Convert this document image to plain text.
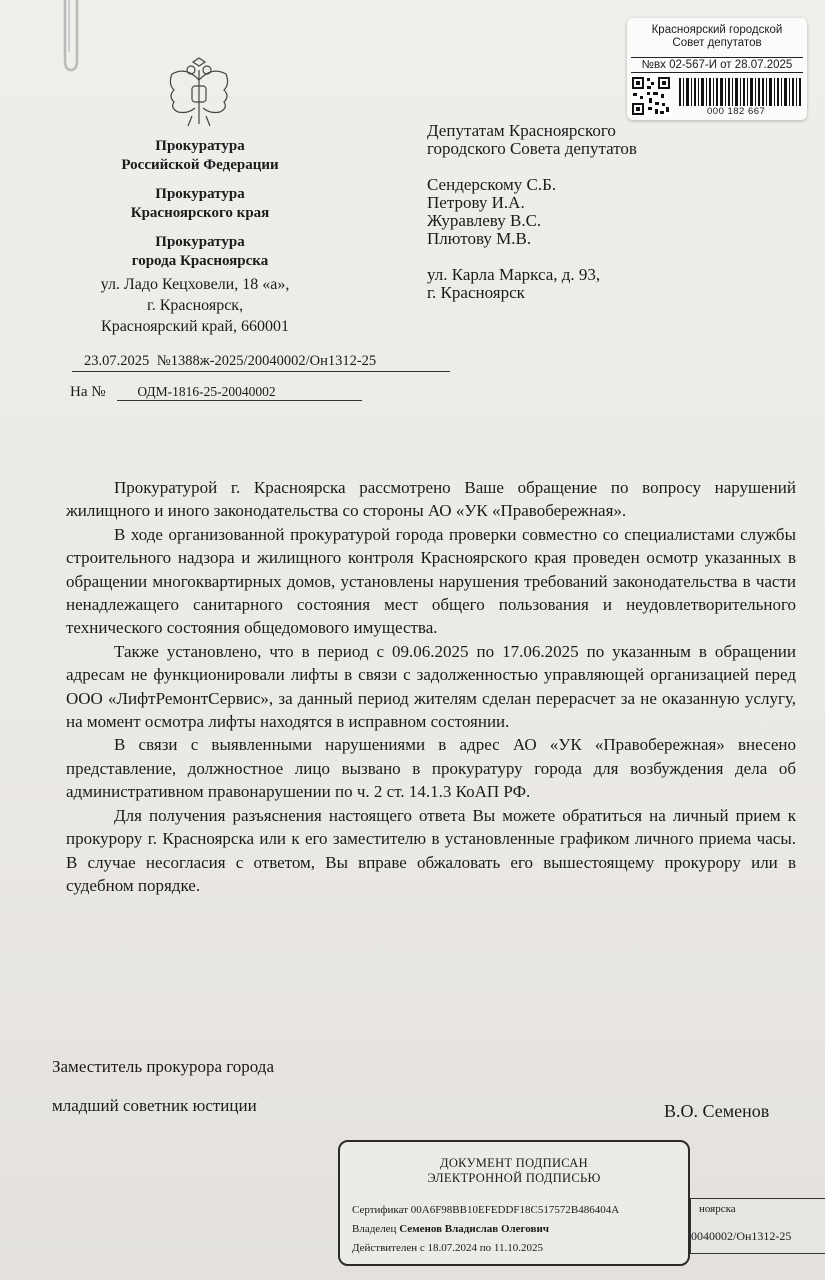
Прокуратура
Российской Федерации
Прокуратура
Красноярского края
Прокуратура
города Красноярска
ул. Ладо Кецховели, 18 «а»,
г. Красноярск,
Красноярский край, 660001
23.07.2025 №1388ж-2025/20040002/Он1312-25
На № ОДМ-1816-25-20040002
Депутатам Красноярского
городского Совета депутатов
Сендерскому С.Б.
Петрову И.А.
Журавлеву В.С.
Плютову М.В.
ул. Карла Маркса, д. 93,
г. Красноярск
Красноярский городской
Совет депутатов
№вх 02-567-И от 28.07.2025
000 182 667

Прокуратурой г. Красноярска рассмотрено Ваше обращение по вопросу нарушений жилищного и иного законодательства со стороны АО «УК «Правобережная».

В ходе организованной прокуратурой города проверки совместно со специалистами службы строительного надзора и жилищного контроля Красноярского края проведен осмотр указанных в обращении многоквартирных домов, установлены нарушения требований законодательства в части ненадлежащего санитарного состояния мест общего пользования и неудовлетворительного технического состояния общедомового имущества.

Также установлено, что в период с 09.06.2025 по 17.06.2025 по указанным в обращении адресам не функционировали лифты в связи с задолженностью управляющей организацией перед ООО «ЛифтРемонтСервис», за данный период жителям сделан перерасчет за не оказанную услугу, на момент осмотра лифты находятся в исправном состоянии.

В связи с выявленными нарушениями в адрес АО «УК «Правобережная» внесено представление, должностное лицо вызвано в прокуратуру города для возбуждения дела об административном правонарушении по ч. 2 ст. 14.1.3 КоАП РФ.

Для получения разъяснения настоящего ответа Вы можете обратиться на личный прием к прокурору г. Красноярска или к его заместителю в установленные графиком личного приема часы. В случае несогласия с ответом, Вы вправе обжаловать его вышестоящему прокурору или в судебном порядке.

Заместитель прокурора города
младший советник юстиции	В.О. Семенов
ДОКУМЕНТ ПОДПИСАН
ЭЛЕКТРОННОЙ ПОДПИСЬЮ
Сертификат 00A6F98BB10EFEDDF18C517572B486404A
Владелец Семенов Владислав Олегович
Действителен с 18.07.2024 по 11.10.2025
ноярска
0040002/Он1312-25
